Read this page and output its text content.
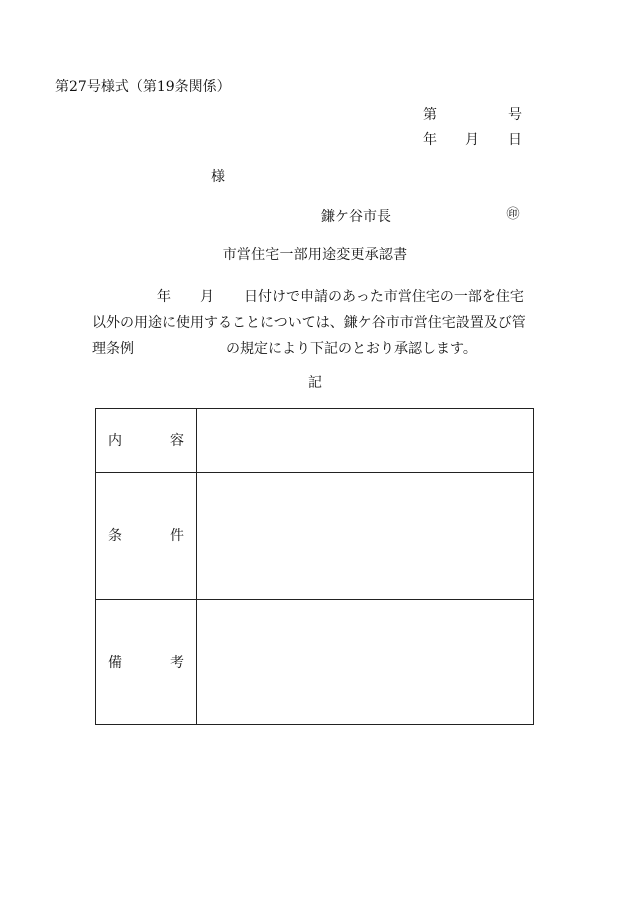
第27号様式（第19条関係）
第	号
年 月 日
様
鎌ケ谷市長	㊞
市営住宅一部用途変更承認書
年 月 日付けで申請のあった市営住宅の一部を住宅
以外の用途に使用することについては、鎌ケ谷市市営住宅設置及び管
理条例	の規定により下記のとおり承認します。
記
内	容
条	件
備	考
